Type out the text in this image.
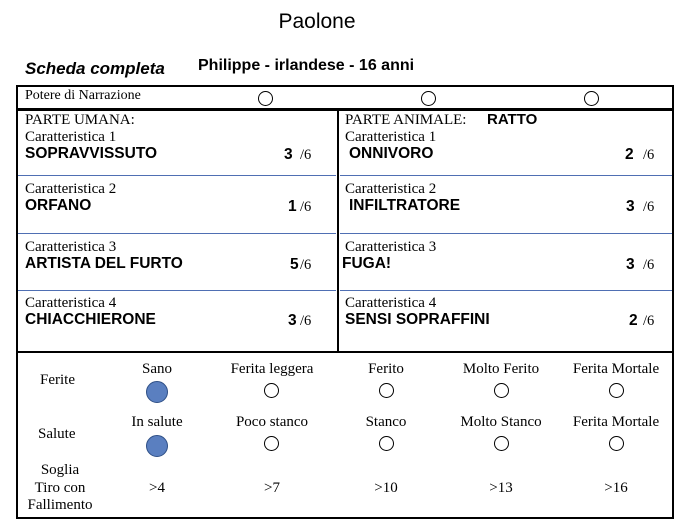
Paolone
Scheda completa Philippe - irlandese - 16 anni
Potere di Narrazione
PARTE UMANA:
Caratteristica 1
SOPRAVVISSUTO	3 /6
Caratteristica 2
ORFANO	1 /6
Caratteristica 3
ARTISTA DEL FURTO	5 /6
Caratteristica 4
CHIACCHIERONE	3 /6
PARTE ANIMALE: RATTO
Caratteristica 1
ONNIVORO	2 /6
Caratteristica 2
INFILTRATORE	3 /6
Caratteristica 3
FUGA!	3 /6
Caratteristica 4
SENSI SOPRAFFINI	2 /6
Ferite
Sano	Ferita leggera	Ferito	Molto Ferito	Ferita Mortale
Salute
In salute	Poco stanco	Stanco	Molto Stanco	Ferita Mortale
Soglia
Tiro con
Fallimento
>4	>7	>10	>13	>16
